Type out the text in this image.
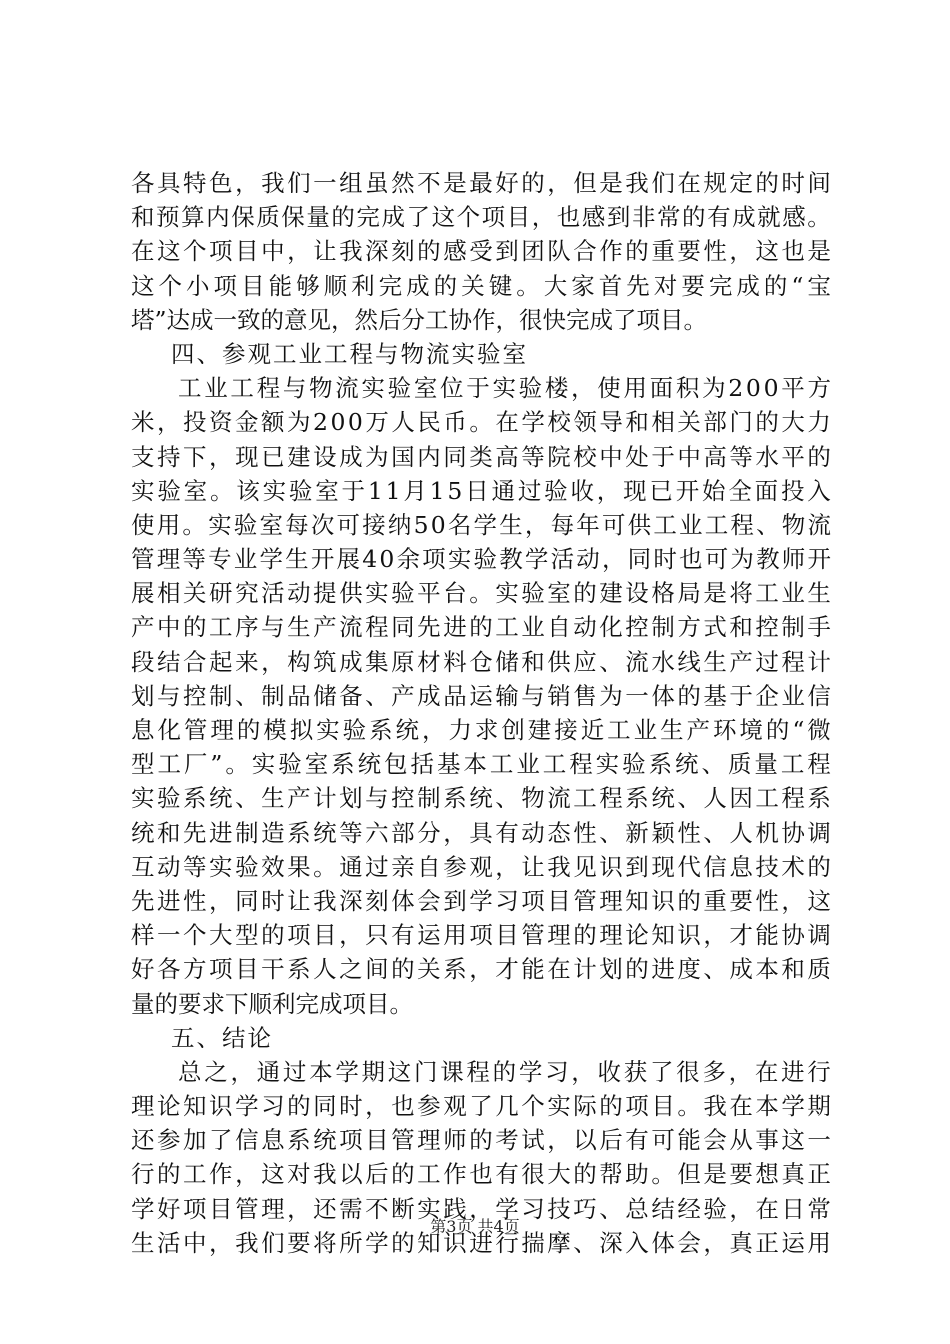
各 具 特 色 ， 我 们 一 组 虽 然 不 是 最 好 的 ， 但 是 我 们 在 规 定 的 时 间
和 预 算 内 保 质 保 量 的 完 成 了 这 个 项 目 ， 也 感 到 非 常 的 有 成 就 感 。
在 这 个 项 目 中 ， 让 我 深 刻 的 感 受 到 团 队 合 作 的 重 要 性 ， 这 也 是
这 个 小 项 目 能 够 顺 利 完 成 的 关 键 。 大 家 首 先 对 要 完 成 的 “ 宝
塔”达成一致的意见，然后分工协作，很快完成了项目。
四、参观工业工程与物流实验室
工 业 工 程 与 物 流 实 验 室 位 于 实 验 楼 ， 使 用 面 积 为 2 0 0 平 方
米 ， 投 资 金 额 为 2 0 0 万 人 民 币 。 在 学 校 领 导 和 相 关 部 门 的 大 力
支 持 下 ， 现 已 建 设 成 为 国 内 同 类 高 等 院 校 中 处 于 中 高 等 水 平 的
实 验 室 。 该 实 验 室 于 1 1 月 1 5 日 通 过 验 收 ， 现 已 开 始 全 面 投 入
使 用 。 实 验 室 每 次 可 接 纳 5 0 名 学 生 ， 每 年 可 供 工 业 工 程 、 物 流
管 理 等 专 业 学 生 开 展 4 0 余 项 实 验 教 学 活 动 ， 同 时 也 可 为 教 师 开
展 相 关 研 究 活 动 提 供 实 验 平 台 。 实 验 室 的 建 设 格 局 是 将 工 业 生
产 中 的 工 序 与 生 产 流 程 同 先 进 的 工 业 自 动 化 控 制 方 式 和 控 制 手
段 结 合 起 来 ， 构 筑 成 集 原 材 料 仓 储 和 供 应 、 流 水 线 生 产 过 程 计
划 与 控 制 、 制 品 储 备 、 产 成 品 运 输 与 销 售 为 一 体 的 基 于 企 业 信
息 化 管 理 的 模 拟 实 验 系 统 ， 力 求 创 建 接 近 工 业 生 产 环 境 的 “ 微
型 工 厂 ” 。 实 验 室 系 统 包 括 基 本 工 业 工 程 实 验 系 统 、 质 量 工 程
实 验 系 统 、 生 产 计 划 与 控 制 系 统 、 物 流 工 程 系 统 、 人 因 工 程 系
统 和 先 进 制 造 系 统 等 六 部 分 ， 具 有 动 态 性 、 新 颖 性 、 人 机 协 调
互 动 等 实 验 效 果 。 通 过 亲 自 参 观 ， 让 我 见 识 到 现 代 信 息 技 术 的
先 进 性 ， 同 时 让 我 深 刻 体 会 到 学 习 项 目 管 理 知 识 的 重 要 性 ， 这
样 一 个 大 型 的 项 目 ， 只 有 运 用 项 目 管 理 的 理 论 知 识 ， 才 能 协 调
好 各 方 项 目 干 系 人 之 间 的 关 系 ， 才 能 在 计 划 的 进 度 、 成 本 和 质
量的要求下顺利完成项目。
五、结论
总 之 ， 通 过 本 学 期 这 门 课 程 的 学 习 ， 收 获 了 很 多 ， 在 进 行
理 论 知 识 学 习 的 同 时 ， 也 参 观 了 几 个 实 际 的 项 目 。 我 在 本 学 期
还 参 加 了 信 息 系 统 项 目 管 理 师 的 考 试 ， 以 后 有 可 能 会 从 事 这 一
行 的 工 作 ， 这 对 我 以 后 的 工 作 也 有 很 大 的 帮 助 。 但 是 要 想 真 正
学 好 项 目 管 理 ， 还 需 不 断 实 践 ， 学 习 技 巧 、 总 结 经 验 ， 在 日 常
生 活 中 ， 我 们 要 将 所 学 的 知 识 进 行 揣 摩 、 深 入 体 会 ， 真 正 运 用
第3页 共4页
